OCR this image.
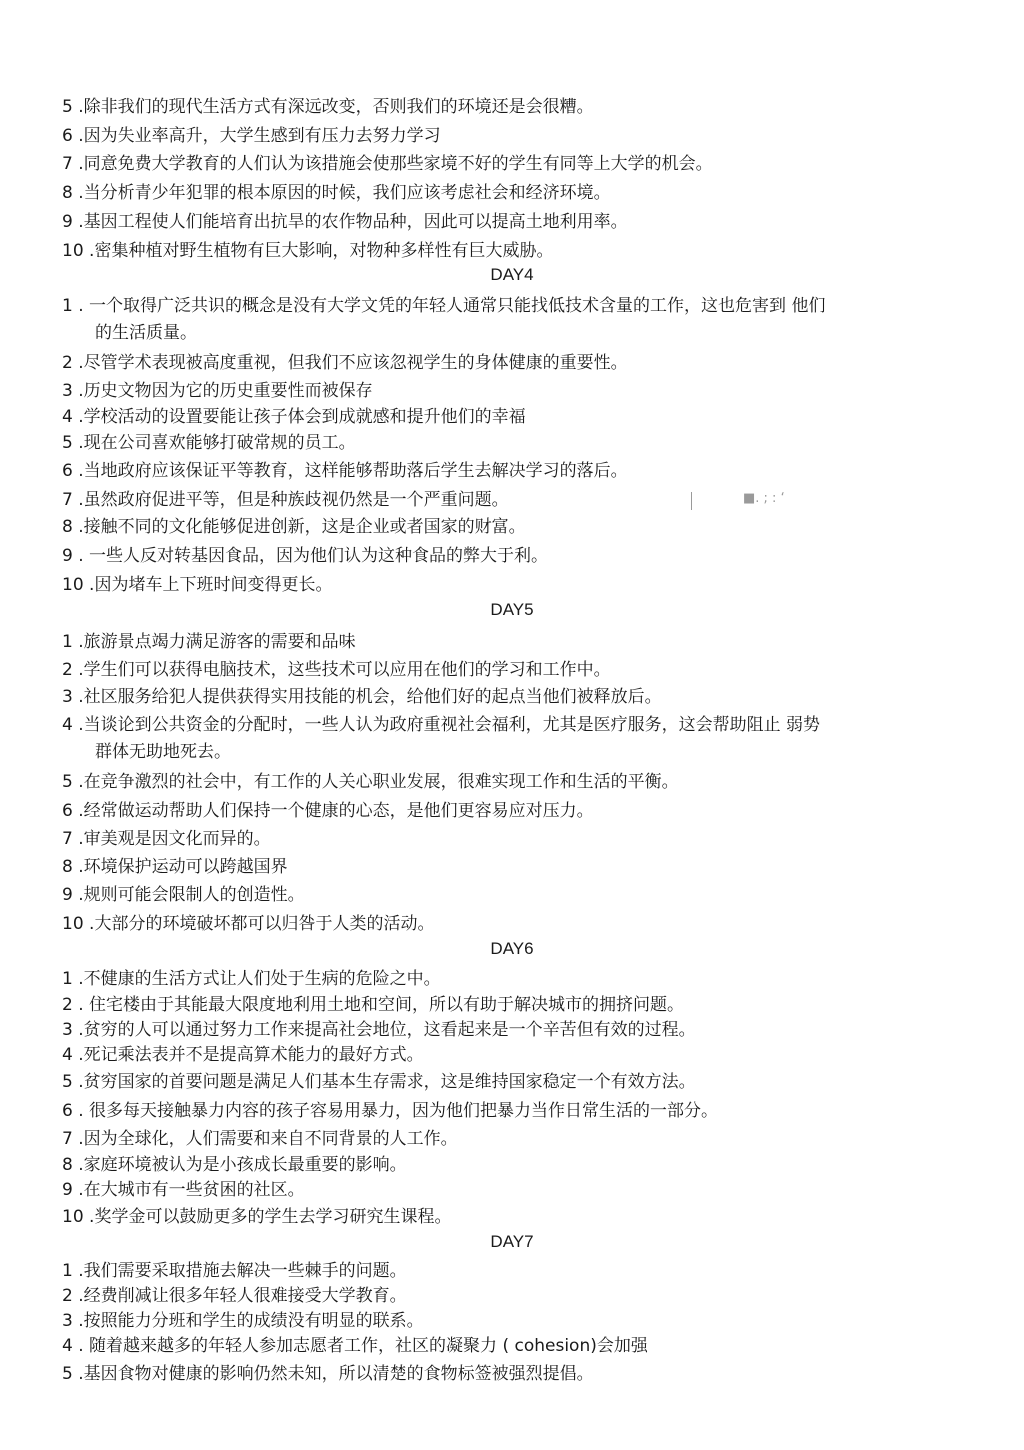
5 .除非我们的现代生活方式有深远改变，否则我们的环境还是会很糟。
6 .因为失业率高升，大学生感到有压力去努力学习
7 .同意免费大学教育的人们认为该措施会使那些家境不好的学生有同等上大学的机会。
8 .当分析青少年犯罪的根本原因的时候，我们应该考虑社会和经济环境。
9 .基因工程使人们能培育出抗旱的农作物品种，因此可以提高土地利用率。
10 .密集种植对野生植物有巨大影响，对物种多样性有巨大威胁。
DAY4
1 . 一个取得广泛共识的概念是没有大学文凭的年轻人通常只能找低技术含量的工作，这也危害到 他们
的生活质量。
2 .尽管学术表现被高度重视，但我们不应该忽视学生的身体健康的重要性。
3 .历史文物因为它的历史重要性而被保存
4 .学校活动的设置要能让孩子体会到成就感和提升他们的幸福
5 .现在公司喜欢能够打破常规的员工。
6 .当地政府应该保证平等教育，这样能够帮助落后学生去解决学习的落后。
7 .虽然政府促进平等，但是种族歧视仍然是一个严重问题。	■. ; : ‘
8 .接触不同的文化能够促进创新，这是企业或者国家的财富。
9 . 一些人反对转基因食品，因为他们认为这种食品的弊大于利。
10 .因为堵车上下班时间变得更长。
DAY5
1 .旅游景点竭力满足游客的需要和品味
2 .学生们可以获得电脑技术，这些技术可以应用在他们的学习和工作中。
3 .社区服务给犯人提供获得实用技能的机会，给他们好的起点当他们被释放后。
4 .当谈论到公共资金的分配时，一些人认为政府重视社会福利，尤其是医疗服务，这会帮助阻止 弱势
群体无助地死去。
5 .在竞争激烈的社会中，有工作的人关心职业发展，很难实现工作和生活的平衡。
6 .经常做运动帮助人们保持一个健康的心态，是他们更容易应对压力。
7 .审美观是因文化而异的。
8 .环境保护运动可以跨越国界
9 .规则可能会限制人的创造性。
10 .大部分的环境破坏都可以归咎于人类的活动。
DAY6
1 .不健康的生活方式让人们处于生病的危险之中。
2 . 住宅楼由于其能最大限度地利用土地和空间，所以有助于解决城市的拥挤问题。
3 .贫穷的人可以通过努力工作来提高社会地位，这看起来是一个辛苦但有效的过程。
4 .死记乘法表并不是提高算术能力的最好方式。
5 .贫穷国家的首要问题是满足人们基本生存需求，这是维持国家稳定一个有效方法。
6 . 很多每天接触暴力内容的孩子容易用暴力，因为他们把暴力当作日常生活的一部分。
7 .因为全球化，人们需要和来自不同背景的人工作。
8 .家庭环境被认为是小孩成长最重要的影响。
9 .在大城市有一些贫困的社区。
10 .奖学金可以鼓励更多的学生去学习研究生课程。
DAY7
1 .我们需要采取措施去解决一些棘手的问题。
2 .经费削减让很多年轻人很难接受大学教育。
3 .按照能力分班和学生的成绩没有明显的联系。
4 . 随着越来越多的年轻人参加志愿者工作，社区的凝聚力 ( cohesion)会加强
5 .基因食物对健康的影响仍然未知，所以清楚的食物标签被强烈提倡。
